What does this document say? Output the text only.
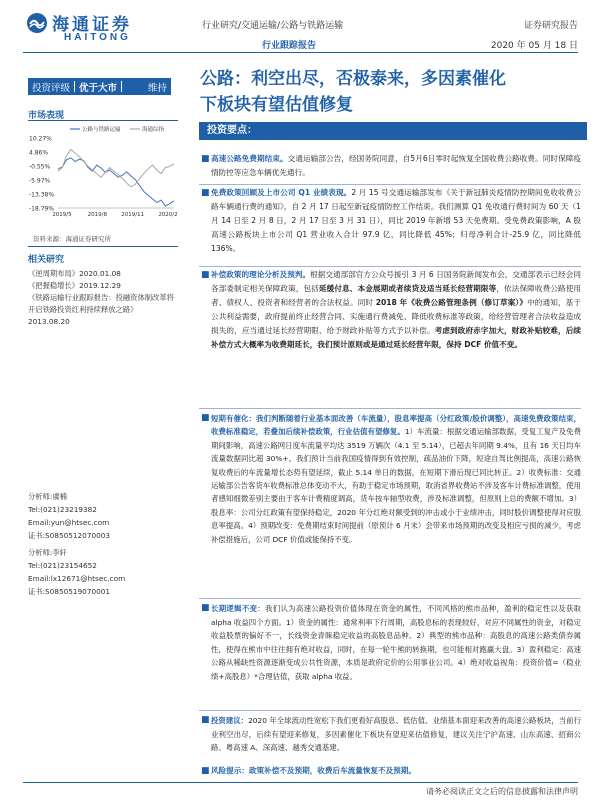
海通证券
HAITONG
行业研究/交通运输/公路与铁路运输
行业跟踪报告
证券研究报告
2020 年 05 月 18 日
投资评级 优于大市	维持
市场表现
10.27%
4.86%
-0.55%
-5.97%
-13.38%
-18.79%
2019/5	2019/8	2019/11	2020/2
公路与铁路运输	海通综指
资料来源：海通证券研究所
相关研究
《逆周期布局》2020.01.08
《把握稳增长》2019.12.29
《铁路运输行业跟踪报告：投融资体制改革将开启铁路投资红利持续释放之路》2013.08.20
分析师:虞楠
Tel:(021)23219382
Email:yun@htsec.com
证书:S0850512070003
分析师:李轩
Tel:(021)23154652
Email:lx12671@htsec.com
证书:S0850519070001
公路：利空出尽，否极泰来，多因素催化
下板块有望估值修复
投资要点：
■ 高速公路免费期结束。交通运输部公告，经国务院同意，自5月6日零时起恢复全国收费公路收费。同时保障疫情防控等应急车辆优先通行。
■ 免费政策回顾及上市公司 Q1 业绩表现。2 月 15 号交通运输部发布《关于新冠肺炎疫情防控期间免收收费公路车辆通行费的通知》，自 2 月 17 日起至新冠疫情防控工作结束。我们测算 Q1 免收通行费时间为 60 天（1 月 14 日至 2 月 8 日，2 月 17 日至 3 月 31 日），同比 2019 年新增 53 天免费期。受免费政策影响，A 股高速公路板块上市公司 Q1 营业收入合计 97.9 亿，同比降低 45%；归母净利合计-25.9 亿，同比降低 136%。
■ 补偿政策的理论分析及预判。根据交通部部官方公众号援引 3 月 6 日国务院新闻发布会，交通部表示已经会同各部委制定相关保障政策，包括延缓付息、本金展期或者续贷及适当延长经营期限等，依法保障收费公路使用者、债权人、投资者和经营者的合法权益。同时 2018 年《收费公路管理条例（修订草案）》中的通知，基于公共利益需要，政府提前终止经营合同、实施通行费减免、降低收费标准等政策，给经营管理者合法收益造成损失的，应当通过延长经营期限、给予财政补贴等方式予以补偿。考虑到政府赤字加大，财政补贴较难，后续补偿方式大概率为收费期延长，我们预计原则或是通过延长经营年限，保持 DCF 价值不变。
■ 短期有催化：我们判断随着行业基本面改善（车流量），股息率提高（分红政策/股价调整），高速免费政策结束，收费标准稳定，若叠加后续补偿政策，行业估值有望修复。1）车流量：根据交通运输部数据，受复工复产及免费期间影响，高速公路网日度车流量平均达 3519 万辆次（4.1 至 5.14），已超去年同期 9.4%，且有 16 天日均车流量数据同比超 30%+。我们预计当前我国疫情得到有效控制，疏品油价下降，短途自驾比例提高，高速公路恢复收费后的车流量增长态势有望延续，截止 5.14 单日的数据，在短期下滑后现已同比转正。2）收费标准：交通运输部公告客货车收费标准总体变动不大，有助于稳定市场预期，取消省界收费站不涉及客车计费标准调整，使用者感知细微差别主要由于客车计费精度调高，货车按车轴型收费，涉及标准调整，但原则上总的费额不增加。3）股息率：公司分红政策有望保持稳定，2020 年分红绝对额受到的冲击或小于业绩冲击，同时股价调整使得对应股息率提高。4）预期改变：免费期结束时间提前（原预计 6 月末）会带来市场预期的改变及相应亏损的减少，考虑补偿措施后，公司 DCF 价值或能保持不变。
■ 长期逻辑不变：我们认为高速公路投资价值体现在资金的属性，不同风格的熊市品种，盈利的稳定性以及获取 alpha 收益四个方面。1）资金的属性：通常利率下行周期，高股息标的表现较好，对应不同属性的资金，对稳定收益股票的偏好不一，长线资金青睐稳定收益的高股息品种。2）典型的熊市品种：高股息的高速公路类债券属性，使得在熊市中往往拥有绝对收益，同时，在每一轮牛熊的转换期，也可能相对跑赢大盘。3）盈利稳定：高速公路从稀缺性资源逐渐变成公共性资源，本质是政府定价的公用事业公司。4）绝对收益视角：投资价值=（稳业绩+高股息）*合理估值，获取 alpha 收益。
■ 投资建议：2020 年全球流动性宽松下我们更看好高股息、低估值、业绩基本面迎来改善的高速公路板块，当前行业利空出尽，后续有望迎来修复，多因素催化下板块有望迎来估值修复，建议关注宁沪高速、山东高速、招商公路、粤高速 A、深高速、越秀交通基建。
■ 风险提示：政策补偿不及预期，收费后车流量恢复不及预期。
请务必阅读正文之后的信息披露和法律声明
